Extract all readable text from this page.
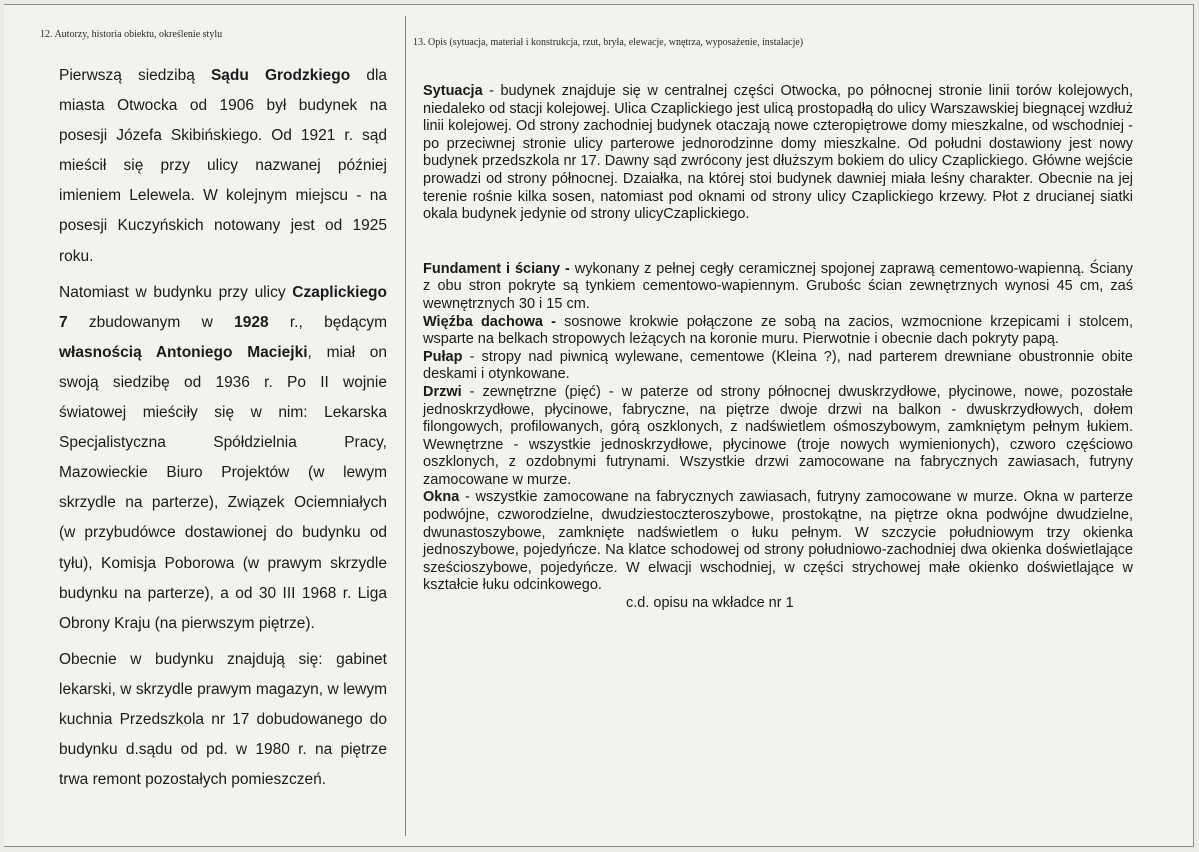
12. Autorzy, historia obiektu, określenie stylu
13. Opis (sytuacja, materiał i konstrukcja, rzut, bryła, elewacje, wnętrza, wyposażenie, instalacje)

Pierwszą siedzibą Sądu Grodzkiego dla miasta Otwocka od 1906 był budynek na posesji Józefa Skibińskiego. Od 1921 r. sąd mieścił się przy ulicy nazwanej później imieniem Lelewela. W kolejnym miejscu - na posesji Kuczyńskich notowany jest od 1925 roku.

Natomiast w budynku przy ulicy Czaplickiego 7 zbudowanym w 1928 r., będącym własnością Antoniego Maciejki, miał on swoją siedzibę od 1936 r. Po II wojnie światowej mieściły się w nim: Lekarska Specjalistyczna Spółdzielnia Pracy, Mazowieckie Biuro Projektów (w lewym skrzydle na parterze), Związek Ociemniałych (w przybudówce dostawionej do budynku od tyłu), Komisja Poborowa (w prawym skrzydle budynku na parterze), a od 30 III 1968 r. Liga Obrony Kraju (na pierwszym piętrze).

Obecnie w budynku znajdują się: gabinet lekarski, w skrzydle prawym magazyn, w lewym kuchnia Przedszkola nr 17 dobudowanego do budynku d.sądu od pd. w 1980 r. na piętrze trwa remont pozostałych pomieszczeń.

Sytuacja - budynek znajduje się w centralnej części Otwocka, po północnej stronie linii torów kolejowych, niedaleko od stacji kolejowej. Ulica Czaplickiego jest ulicą prostopadłą do ulicy Warszawskiej biegnącej wzdłuż linii kolejowej. Od strony zachodniej budynek otaczają nowe czteropiętrowe domy mieszkalne, od wschodniej - po przeciwnej stronie ulicy parterowe jednorodzinne domy mieszkalne. Od południ dostawiony jest nowy budynek przedszkola nr 17. Dawny sąd zwrócony jest dłuższym bokiem do ulicy Czaplickiego. Główne wejście prowadzi od strony północnej. Dzaiałka, na której stoi budynek dawniej miała leśny charakter. Obecnie na jej terenie rośnie kilka sosen, natomiast pod oknami od strony ulicy Czaplickiego krzewy. Płot z drucianej siatki okala budynek jedynie od strony ulicyCzaplickiego.

Fundament i ściany - wykonany z pełnej cegły ceramicznej spojonej zaprawą cementowo-wapienną. Ściany z obu stron pokryte są tynkiem cementowo-wapiennym. Grubośc ścian zewnętrznych wynosi 45 cm, zaś wewnętrznych 30 i 15 cm.

Więźba dachowa - sosnowe krokwie połączone ze sobą na zacios, wzmocnione krzepicami i stolcem, wsparte na belkach stropowych leżących na koronie muru. Pierwotnie i obecnie dach pokryty papą.

Pułap - stropy nad piwnicą wylewane, cementowe (Kleina ?), nad parterem drewniane obustronnie obite deskami i otynkowane.

Drzwi - zewnętrzne (pięć) - w paterze od strony północnej dwuskrzydłowe, płycinowe, nowe, pozostałe jednoskrzydłowe, płycinowe, fabryczne, na piętrze dwoje drzwi na balkon - dwuskrzydłowych, dołem filongowych, profilowanych, górą oszklonych, z nadświetlem ośmoszybowym, zamkniętym pełnym łukiem. Wewnętrzne - wszystkie jednoskrzydłowe, płycinowe (troje nowych wymienionych), czworo częściowo oszklonych, z ozdobnymi futrynami. Wszystkie drzwi zamocowane na fabrycznych zawiasach, futryny zamocowane w murze.

Okna - wszystkie zamocowane na fabrycznych zawiasach, futryny zamocowane w murze. Okna w parterze podwójne, czworodzielne, dwudziestoczteroszybowe, prostokątne, na piętrze okna podwójne dwudzielne, dwunastoszybowe, zamknięte nadświetlem o łuku pełnym. W szczycie południowym trzy okienka jednoszybowe, pojedyńcze. Na klatce schodowej od strony południowo-zachodniej dwa okienka doświetlające sześcioszybowe, pojedyńcze. W elwacji wschodniej, w części strychowej małe okienko doświetlające w kształcie łuku odcinkowego.

c.d. opisu na wkładce nr 1
